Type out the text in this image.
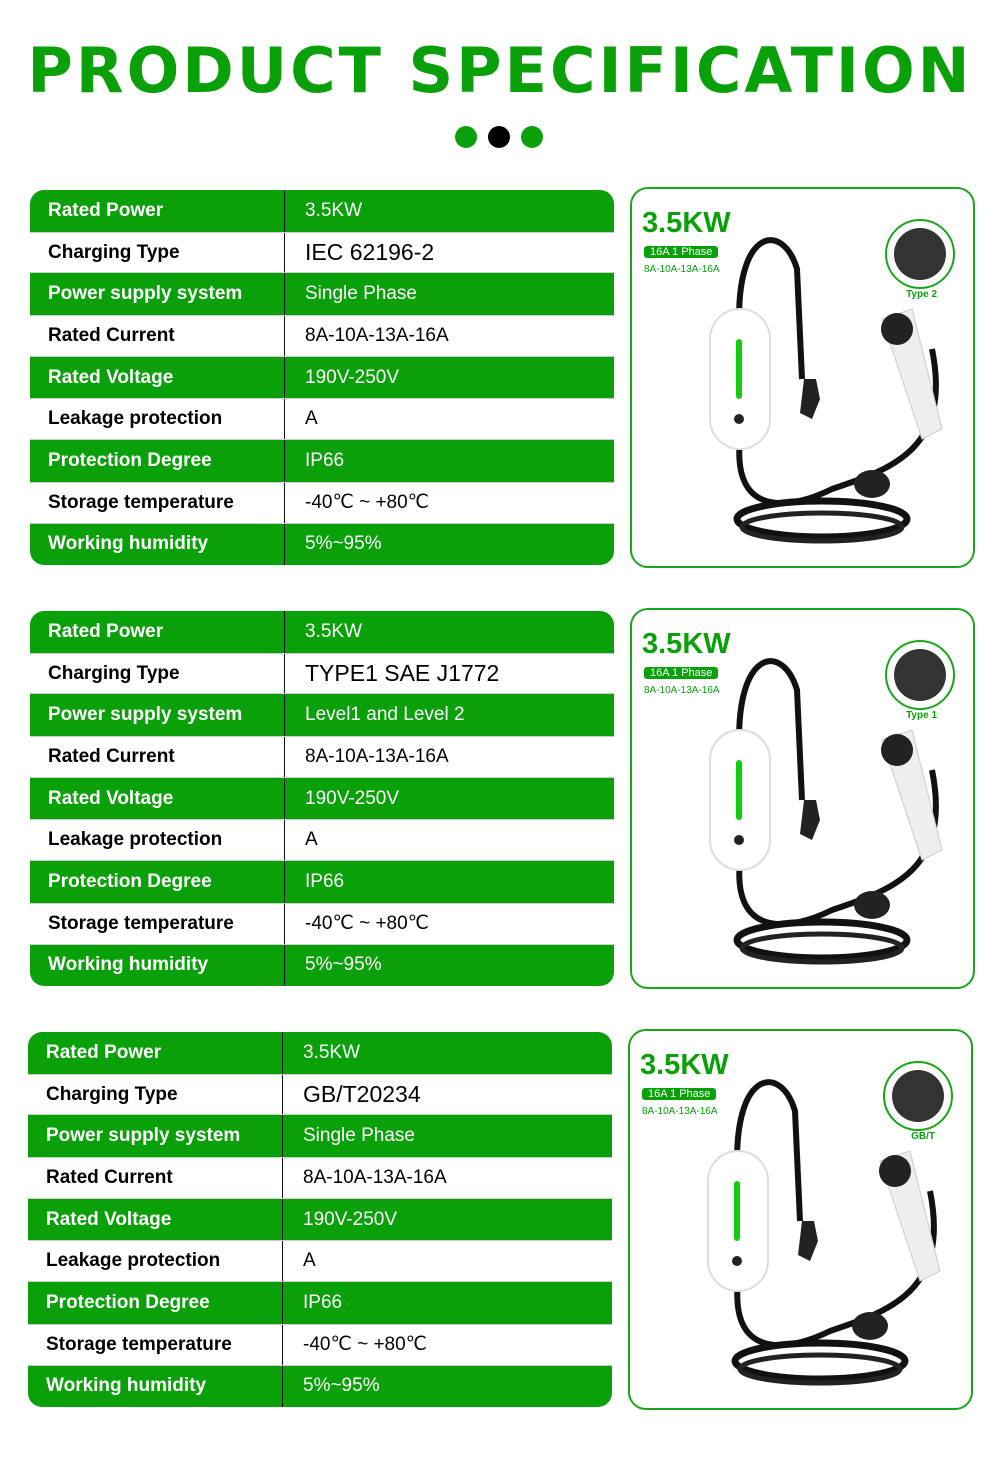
PRODUCT SPECIFICATION
Rated Power	3.5KW
Charging Type	IEC 62196-2
Power supply system	Single Phase
Rated Current	8A-10A-13A-16A
Rated Voltage	190V-250V
Leakage protection	A
Protection Degree	IP66
Storage temperature	-40℃ ~ +80℃
Working humidity	5%~95%
Rated Power	3.5KW
Charging Type	TYPE1 SAE J1772
Power supply system	Level1 and Level 2
Rated Current	8A-10A-13A-16A
Rated Voltage	190V-250V
Leakage protection	A
Protection Degree	IP66
Storage temperature	-40℃ ~ +80℃
Working humidity	5%~95%
Rated Power	3.5KW
Charging Type	GB/T20234
Power supply system	Single Phase
Rated Current	8A-10A-13A-16A
Rated Voltage	190V-250V
Leakage protection	A
Protection Degree	IP66
Storage temperature	-40℃ ~ +80℃
Working humidity	5%~95%
3.5KW
16A 1 Phase
8A-10A-13A-16A
Type 2
3.5KW
16A 1 Phase
8A-10A-13A-16A
Type 1
3.5KW
16A 1 Phase
8A-10A-13A-16A
GB/T
